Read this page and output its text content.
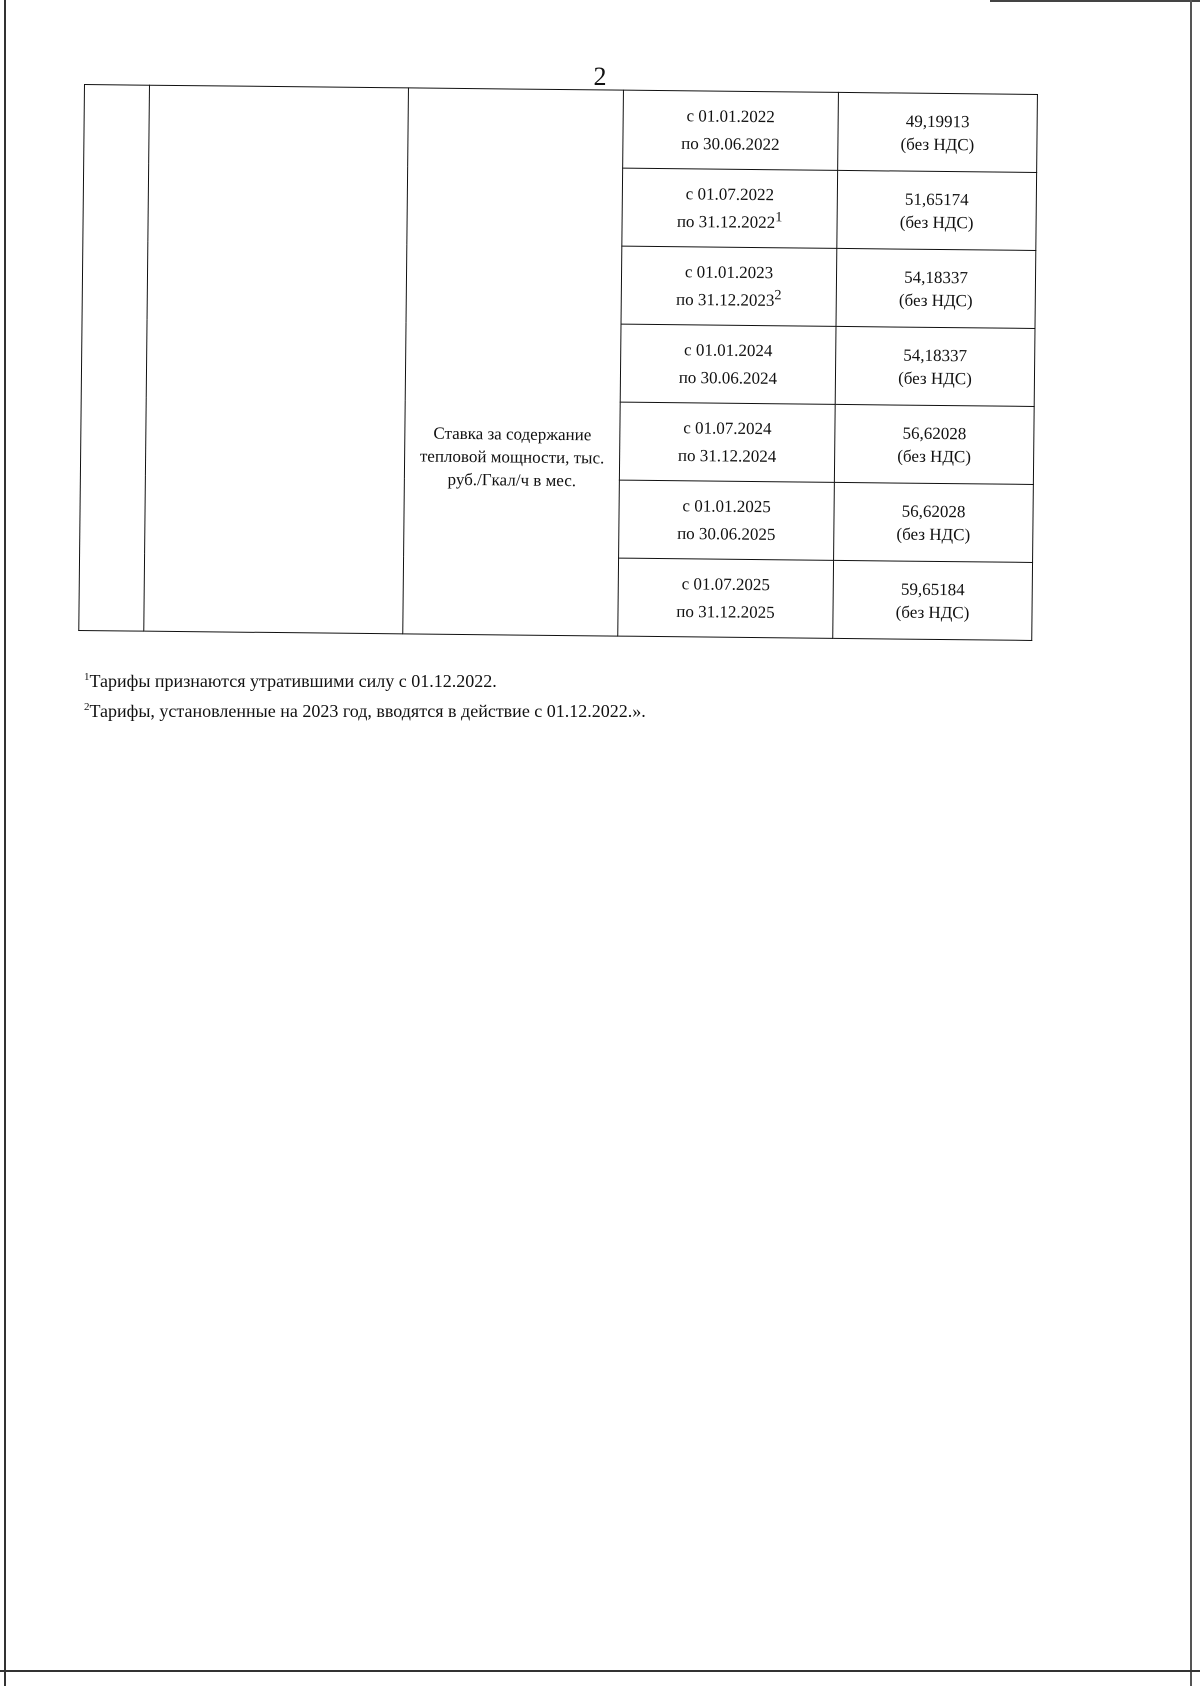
2

		Ставка за содержание тепловой мощности, тыс. руб./Гкал/ч в мес.	с 01.01.2022
по 30.06.2022	49,19913
(без НДС)

			с 01.07.2022
по 31.12.2022$^1$	51,65174
(без НДС)

			с 01.01.2023
по 31.12.2023$^2$	54,18337
(без НДС)

			с 01.01.2024
по 30.06.2024	54,18337
(без НДС)

			с 01.07.2024
по 31.12.2024	56,62028
(без НДС)

			с 01.01.2025
по 30.06.2025	56,62028
(без НДС)

			с 01.07.2025
по 31.12.2025	59,65184
(без НДС)
$^1$Тарифы признаются утратившими силу с 01.12.2022.
$^2$Тарифы, установленные на 2023 год, вводятся в действие с 01.12.2022.».
